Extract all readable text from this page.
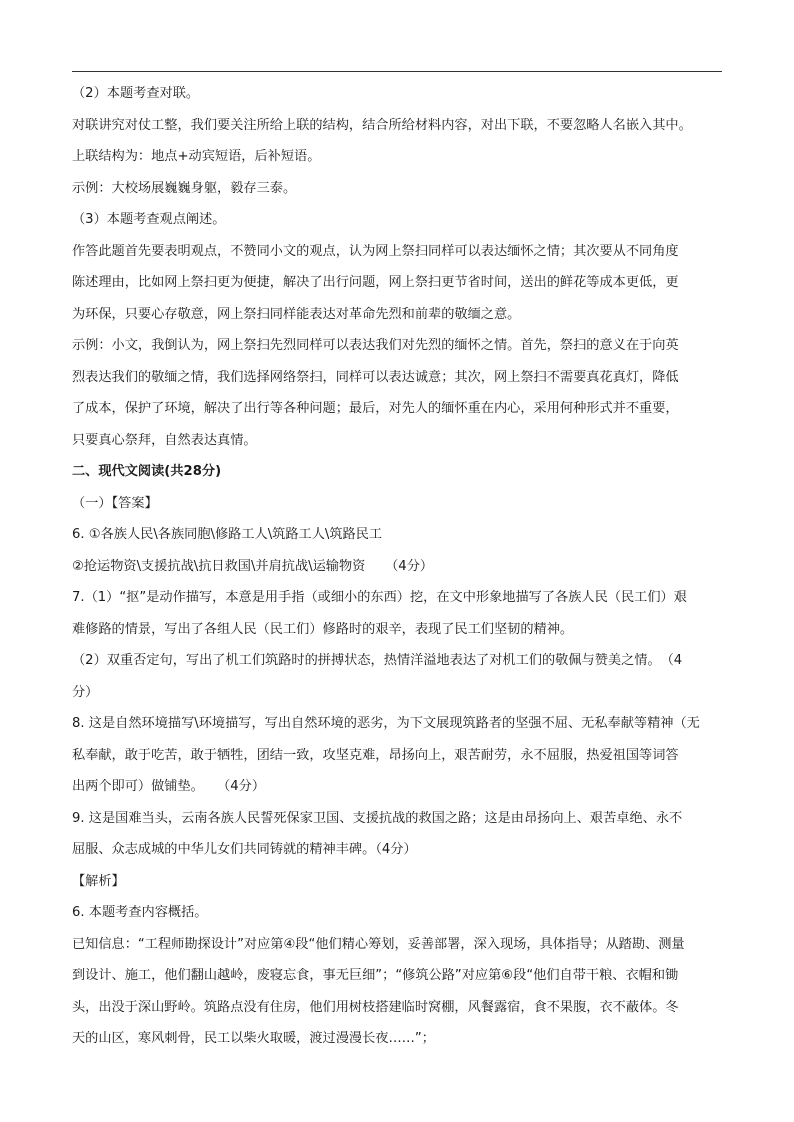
（2）本题考查对联。

对联讲究对仗工整，我们要关注所给上联的结构，结合所给材料内容，对出下联，不要忽略人名嵌入其中。

上联结构为：地点+动宾短语，后补短语。

示例：大校场展巍巍身躯，毅存三泰。

（3）本题考查观点阐述。

作答此题首先要表明观点，不赞同小文的观点，认为网上祭扫同样可以表达缅怀之情；其次要从不同角度

陈述理由，比如网上祭扫更为便捷，解决了出行问题，网上祭扫更节省时间，送出的鲜花等成本更低，更

为环保，只要心存敬意，网上祭扫同样能表达对革命先烈和前辈的敬缅之意。

示例：小文，我倒认为，网上祭扫先烈同样可以表达我们对先烈的缅怀之情。首先，祭扫的意义在于向英

烈表达我们的敬缅之情，我们选择网络祭扫，同样可以表达诚意；其次，网上祭扫不需要真花真灯，降低

了成本，保护了环境，解决了出行等各种问题；最后，对先人的缅怀重在内心，采用何种形式并不重要，

只要真心祭拜，自然表达真情。

二、现代文阅读(共28分)

（一）【答案】

6. ①各族人民\各族同胞\修路工人\筑路工人\筑路民工

②抢运物资\支援抗战\抗日救国\并肩抗战\运输物资　　（4分）

7.（1）“抠”是动作描写，本意是用手指（或细小的东西）挖，在文中形象地描写了各族人民（民工们）艰

难修路的情景，写出了各组人民（民工们）修路时的艰辛，表现了民工们坚韧的精神。

（2）双重否定句，写出了机工们筑路时的拼搏状态，热情洋溢地表达了对机工们的敬佩与赞美之情。　（4

分）

8. 这是自然环境描写\环境描写，写出自然环境的恶劣，为下文展现筑路者的坚强不屈、无私奉献等精神（无

私奉献，敢于吃苦，敢于牺牲，团结一致，攻坚克难，昂扬向上，艰苦耐劳，永不屈服，热爱祖国等词答

出两个即可）做铺垫。　　（4分）

9. 这是国难当头，云南各族人民誓死保家卫国、支援抗战的救国之路；这是由昂扬向上、艰苦卓绝、永不

屈服、众志成城的中华儿女们共同铸就的精神丰碑。（4分）

【解析】

6. 本题考查内容概括。

已知信息：“工程师勘探设计”对应第④段“他们精心筹划，妥善部署，深入现场，具体指导；从踏勘、测量

到设计、施工，他们翻山越岭，废寝忘食，事无巨细”；“修筑公路”对应第⑥段“他们自带干粮、衣帽和锄

头，出没于深山野岭。筑路点没有住房，他们用树枝搭建临时窝棚，风餐露宿，食不果腹，衣不蔽体。冬

天的山区，寒风刺骨，民工以柴火取暖，渡过漫漫长夜……”；
